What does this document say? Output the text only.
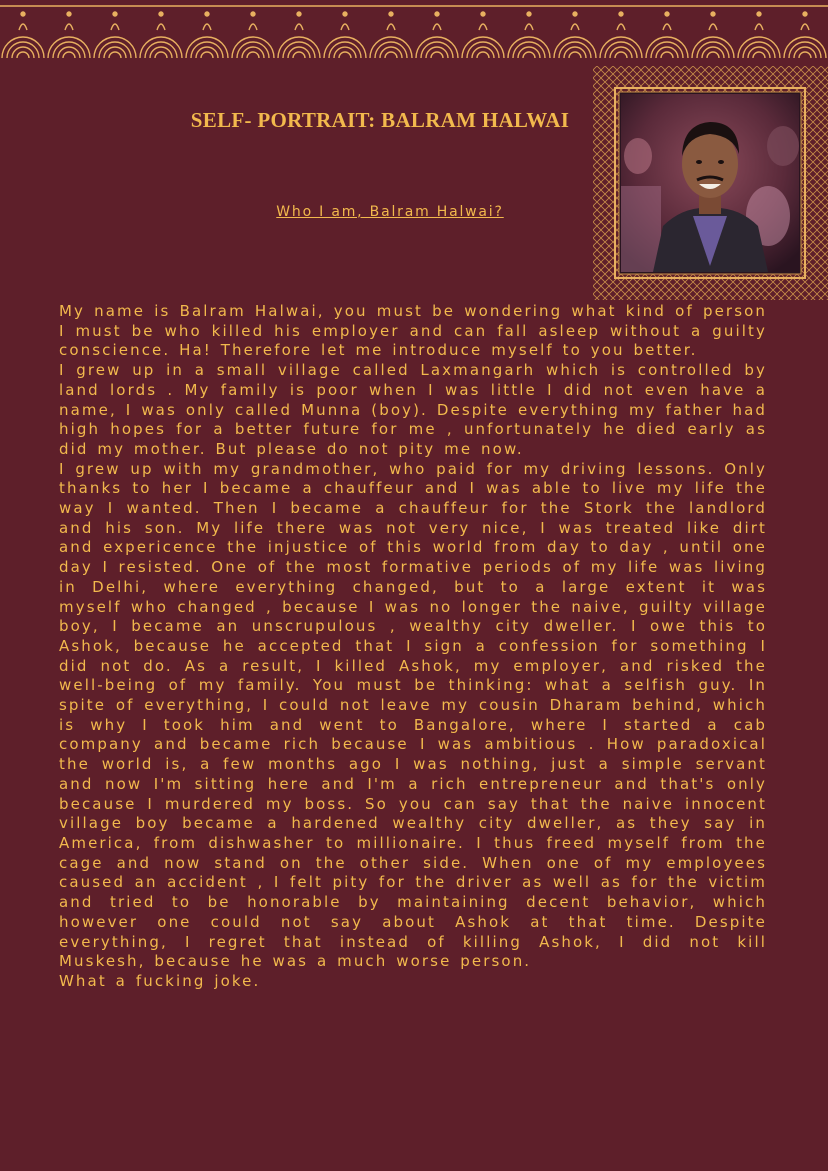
SELF- PORTRAIT: BALRAM HALWAI
Who I am, Balram Halwai?

My name is Balram Halwai, you must be wondering what kind of person I must be who killed his employer and can fall asleep without a guilty conscience. Ha! Therefore let me introduce myself to you better.

I grew up in a small village called Laxmangarh which is controlled by land lords . My family is poor when I was little I did not even have a name, I was only called Munna (boy). Despite everything my father had high hopes for a better future for me , unfortunately he died early as did my mother. But please do not pity me now.

I grew up with my grandmother, who paid for my driving lessons. Only thanks to her I became a chauffeur and I was able to live my life the way I wanted. Then I became a chauffeur for the Stork the landlord and his son. My life there was not very nice, I was treated like dirt and expericence the injustice of this world from day to day , until one day I resisted. One of the most formative periods of my life was living in Delhi, where everything changed, but to a large extent it was myself who changed , because I was no longer the naive, guilty village boy, I became an unscrupulous , wealthy city dweller. I owe this to Ashok, because he accepted that I sign a confession for something I did not do. As a result, I killed Ashok, my employer, and risked the well-being of my family. You must be thinking: what a selfish guy. In spite of everything, I could not leave my cousin Dharam behind, which is why I took him and went to Bangalore, where I started a cab company and became rich because I was ambitious . How paradoxical the world is, a few months ago I was nothing, just a simple servant and now I'm sitting here and I'm a rich entrepreneur and that's only because I murdered my boss. So you can say that the naive innocent village boy became a hardened wealthy city dweller, as they say in America, from dishwasher to millionaire. I thus freed myself from the cage and now stand on the other side. When one of my employees caused an accident , I felt pity for the driver as well as for the victim and tried to be honorable by maintaining decent behavior, which however one could not say about Ashok at that time. Despite everything, I regret that instead of killing Ashok, I did not kill Muskesh, because he was a much worse person.

What a fucking joke.
